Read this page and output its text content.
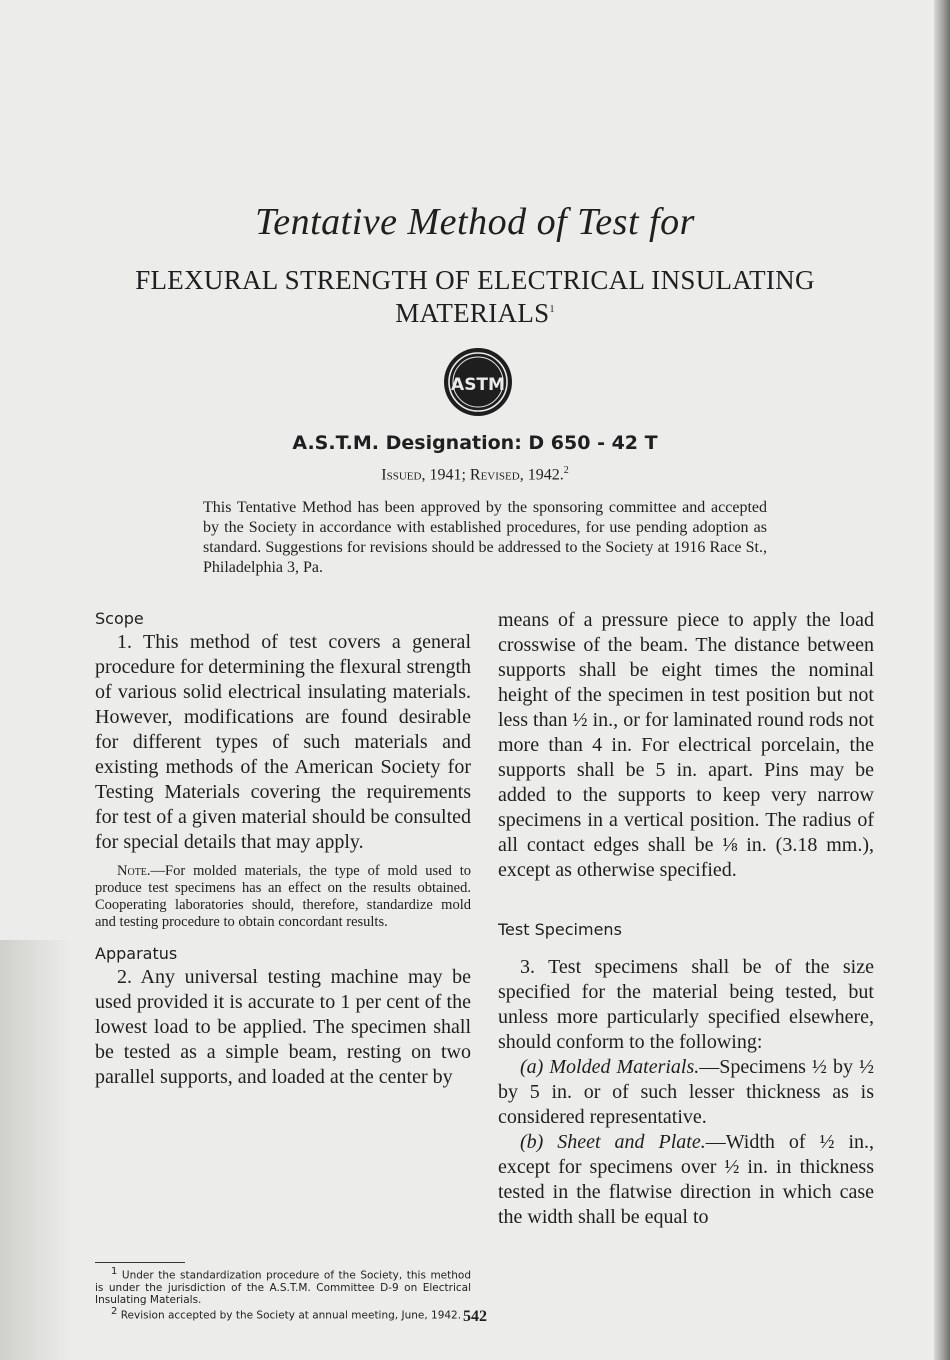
Tentative Method of Test for
FLEXURAL STRENGTH OF ELECTRICAL INSULATING
MATERIALS$^1$
ASTM
A.S.T.M. Designation: D 650 - 42 T
Issued, 1941; Revised, 1942.$^2$
This Tentative Method has been approved by the sponsoring committee and accepted by the Society in accordance with established procedures, for use pending adoption as standard. Suggestions for revisions should be addressed to the Society at 1916 Race St., Philadelphia 3, Pa.

Scope

1. This method of test covers a general procedure for determining the flexural strength of various solid electrical insulating materials. However, modifications are found desirable for different types of such materials and existing methods of the American Society for Testing Materials covering the requirements for test of a given material should be consulted for special details that may apply.

Note.—For molded materials, the type of mold used to produce test specimens has an effect on the results obtained. Cooperating laboratories should, therefore, standardize mold and testing procedure to obtain concordant results.

Apparatus

2. Any universal testing machine may be used provided it is accurate to 1 per cent of the lowest load to be applied. The specimen shall be tested as a simple beam, resting on two parallel supports, and loaded at the center by

means of a pressure piece to apply the load crosswise of the beam. The distance between supports shall be eight times the nominal height of the specimen in test position but not less than ½ in., or for laminated round rods not more than 4 in. For electrical porcelain, the supports shall be 5 in. apart. Pins may be added to the supports to keep very narrow specimens in a vertical position. The radius of all contact edges shall be ⅛ in. (3.18 mm.), except as otherwise specified.

Test Specimens

3. Test specimens shall be of the size specified for the material being tested, but unless more particularly specified elsewhere, should conform to the following:

(a) Molded Materials.—Specimens ½ by ½ by 5 in. or of such lesser thickness as is considered representative.

(b) Sheet and Plate.—Width of ½ in., except for specimens over ½ in. in thickness tested in the flatwise direction in which case the width shall be equal to

$^1$ Under the standardization procedure of the Society, this method is under the jurisdiction of the A.S.T.M. Committee D-9 on Electrical Insulating Materials.

$^2$ Revision accepted by the Society at annual meeting, June, 1942. 542
